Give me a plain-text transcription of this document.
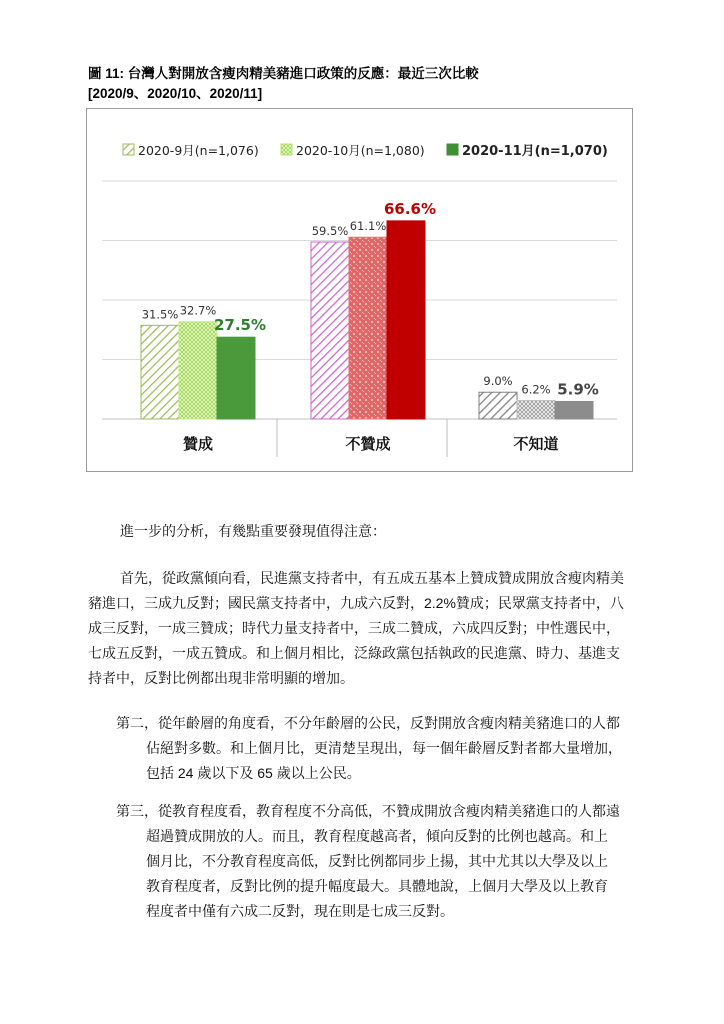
圖 11: 台灣人對開放含瘦肉精美豬進口政策的反應：最近三次比較
[2020/9、2020/10、2020/11]
31.5% 32.7%
27.5%
贊成
59.5% 61.1%
66.6%
不贊成
9.0%
6.2% 5.9%
不知道
2020-9月(n=1,076)	2020-10月(n=1,080)	2020-11月(n=1,070)
進一步的分析，有幾點重要發現值得注意：
首先，從政黨傾向看，民進黨支持者中，有五成五基本上贊成贊成開放含瘦肉精美
豬進口，三成九反對；國民黨支持者中，九成六反對，2.2%贊成；民眾黨支持者中，八
成三反對，一成三贊成；時代力量支持者中，三成二贊成，六成四反對；中性選民中，
七成五反對，一成五贊成。和上個月相比，泛綠政黨包括執政的民進黨、時力、基進支
持者中，反對比例都出現非常明顯的增加。
第二，從年齡層的角度看，不分年齡層的公民，反對開放含瘦肉精美豬進口的人都
佔絕對多數。和上個月比，更清楚呈現出，每一個年齡層反對者都大量增加，
包括 24 歲以下及 65 歲以上公民。
第三，從教育程度看，教育程度不分高低，不贊成開放含瘦肉精美豬進口的人都遠
超過贊成開放的人。而且，教育程度越高者，傾向反對的比例也越高。和上
個月比，不分教育程度高低，反對比例都同步上揚，其中尤其以大學及以上
教育程度者，反對比例的提升幅度最大。具體地說，上個月大學及以上教育
程度者中僅有六成二反對，現在則是七成三反對。
